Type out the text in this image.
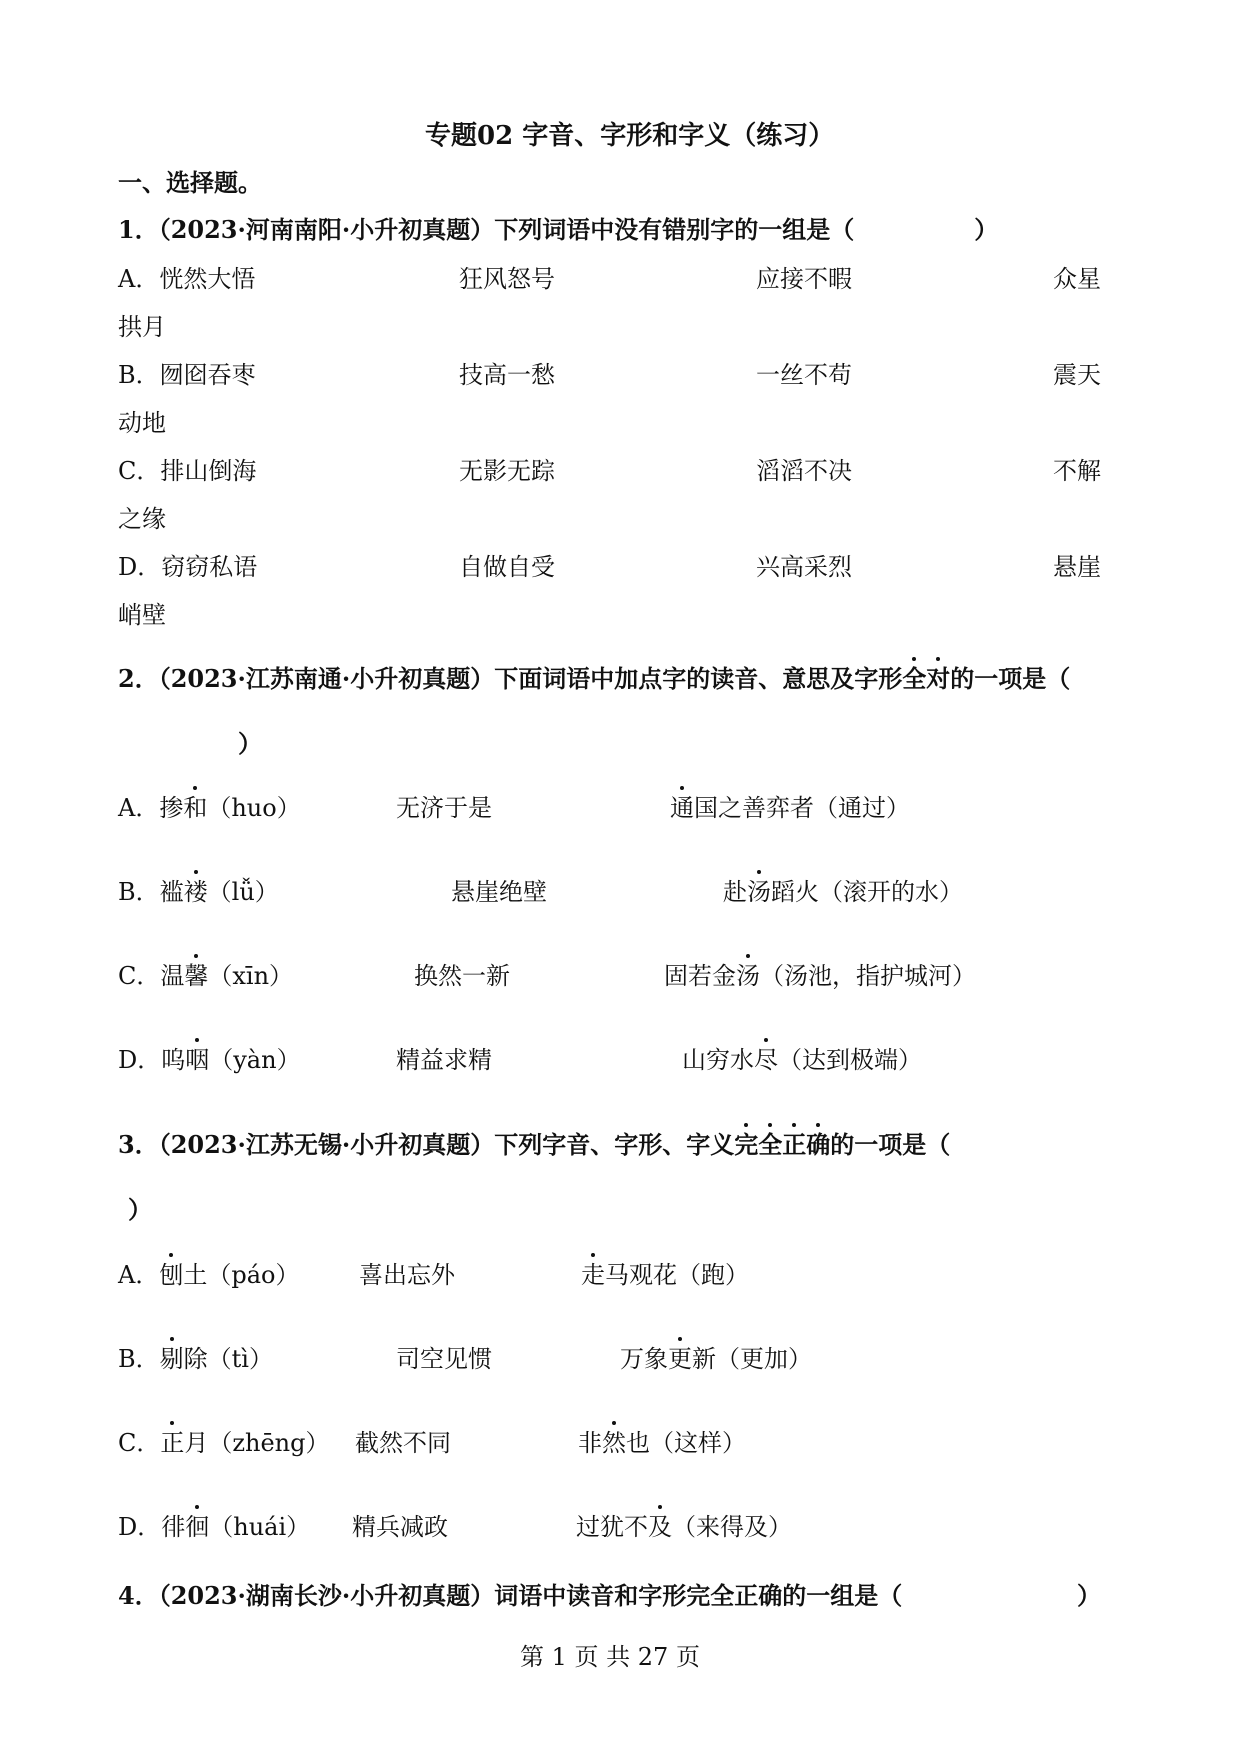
专题02 字音、字形和字义（练习）
一、选择题。
1．（2023·河南南阳·小升初真题）下列词语中没有错别字的一组是（　　　　　）
A．恍然大悟	狂风怒号	应接不暇	众星
拱月
B．囫囵吞枣	技高一愁	一丝不苟	震天
动地
C．排山倒海	无影无踪	滔滔不决	不解
之缘
D．窃窃私语	自做自受	兴高采烈	悬崖
峭壁
2．（2023·江苏南通·小升初真题）下面词语中加点字的读音、意思及字形全对的一项是（
）
A．掺和（huo）	无济于是	通国之善弈者（通过）
B．褴褛（lǚ）	悬崖绝壁	赴汤蹈火（滚开的水）
C．温馨（xīn）	换然一新	固若金汤（汤池，指护城河）
D．呜咽（yàn）	精益求精	山穷水尽（达到极端）
3．（2023·江苏无锡·小升初真题）下列字音、字形、字义完全正确的一项是（
）
A．刨土（páo） 喜出忘外	走马观花（跑）
B．剔除（tì）	司空见惯	万象更新（更加）
C．正月（zhēng） 截然不同	非然也（这样）
D．徘徊（huái） 精兵减政	过犹不及（来得及）
4．（2023·湖南长沙·小升初真题）词语中读音和字形完全正确的一组是（	）
第 1 页 共 27 页
